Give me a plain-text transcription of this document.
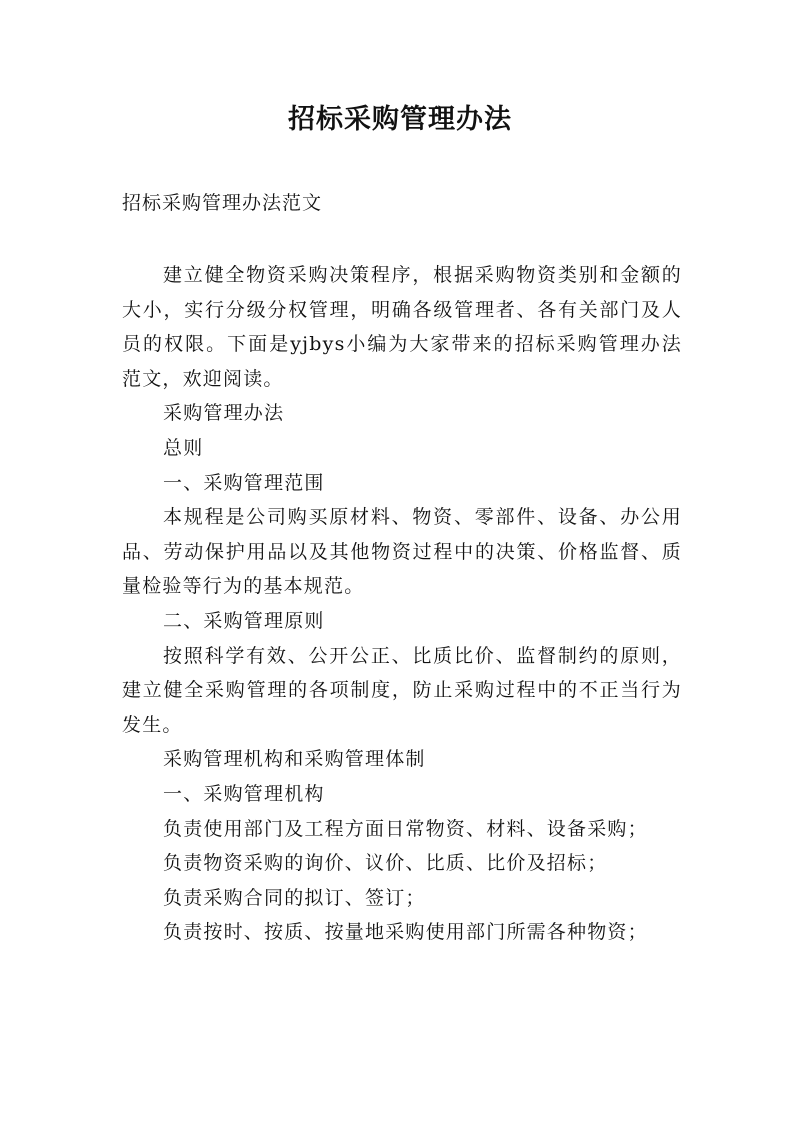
招标采购管理办法

招标采购管理办法范文

建立健全物资采购决策程序，根据采购物资类别和金额的大小，实行分级分权管理，明确各级管理者、各有关部门及人员的权限。下面是yjbys小编为大家带来的招标采购管理办法范文，欢迎阅读。

采购管理办法

总则

一、采购管理范围

本规程是公司购买原材料、物资、零部件、设备、办公用品、劳动保护用品以及其他物资过程中的决策、价格监督、质量检验等行为的基本规范。

二、采购管理原则

按照科学有效、公开公正、比质比价、监督制约的原则，建立健全采购管理的各项制度，防止采购过程中的不正当行为发生。

采购管理机构和采购管理体制

一、采购管理机构

负责使用部门及工程方面日常物资、材料、设备采购；

负责物资采购的询价、议价、比质、比价及招标；

负责采购合同的拟订、签订；

负责按时、按质、按量地采购使用部门所需各种物资；
